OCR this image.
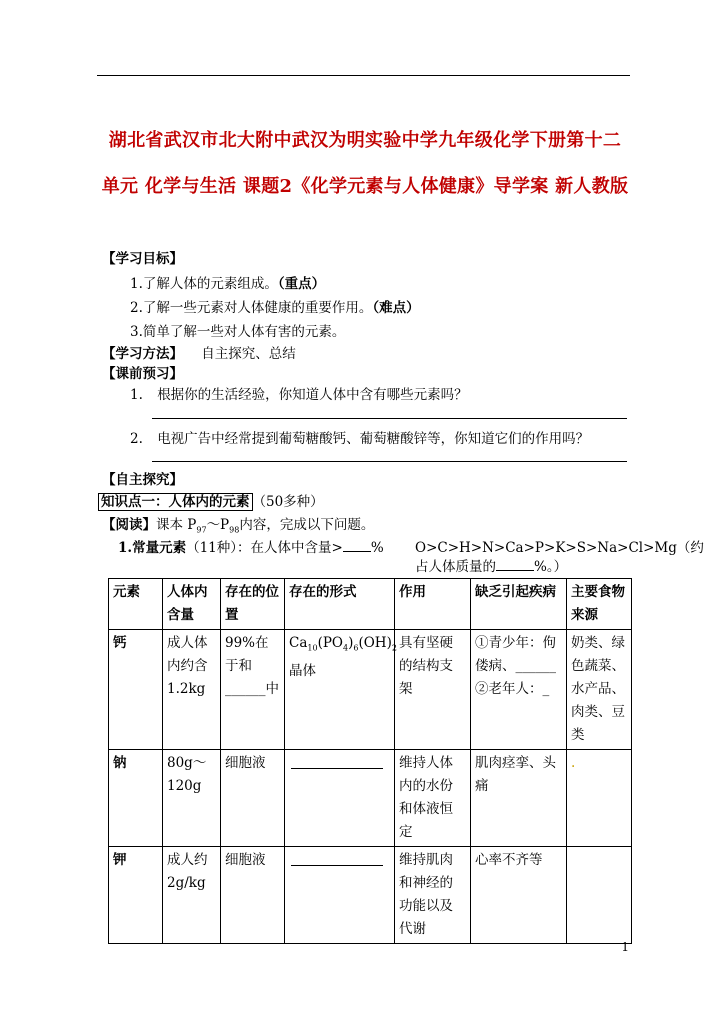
湖北省武汉市北大附中武汉为明实验中学九年级化学下册第十二单元 化学与生活 课题2《化学元素与人体健康》导学案 新人教版
【学习目标】
1.了解人体的元素组成。（重点）
2.了解一些元素对人体健康的重要作用。（难点）
3.简单了解一些对人体有害的元素。
【学习方法】 自主探究、总结
【课前预习】
1. 根据你的生活经验，你知道人体中含有哪些元素吗？
2. 电视广告中经常提到葡萄糖酸钙、葡萄糖酸锌等，你知道它们的作用吗？
【自主探究】
知识点一：人体内的元素 （50多种）
【阅读】课本 $P_{97}\sim P_{98}$内容，完成以下问题。
1.常量元素（11种）：在人体中含量> % O>C>H>N>Ca>P>K>S>Na>Cl>Mg（约
占人体质量的	%。）
元素	人体内含量	存在的位置	存在的形式	作用	缺乏引起疾病	主要食物来源
钙	成人体内约含1.2kg	99%在于和______中	$Ca_{10}(PO_4)_6(OH)_2$晶体	具有坚硬的结构支架	①青少年：佝偻病、______
②老年人：_	奶类、绿色蔬菜、水产品、肉类、豆类
钠	80g～120g	细胞液		维持人体内的水份和体液恒定	肌肉痉挛、头痛	.
钾	成人约2g/kg	细胞液		维持肌肉和神经的功能以及代谢	心率不齐等	
1
